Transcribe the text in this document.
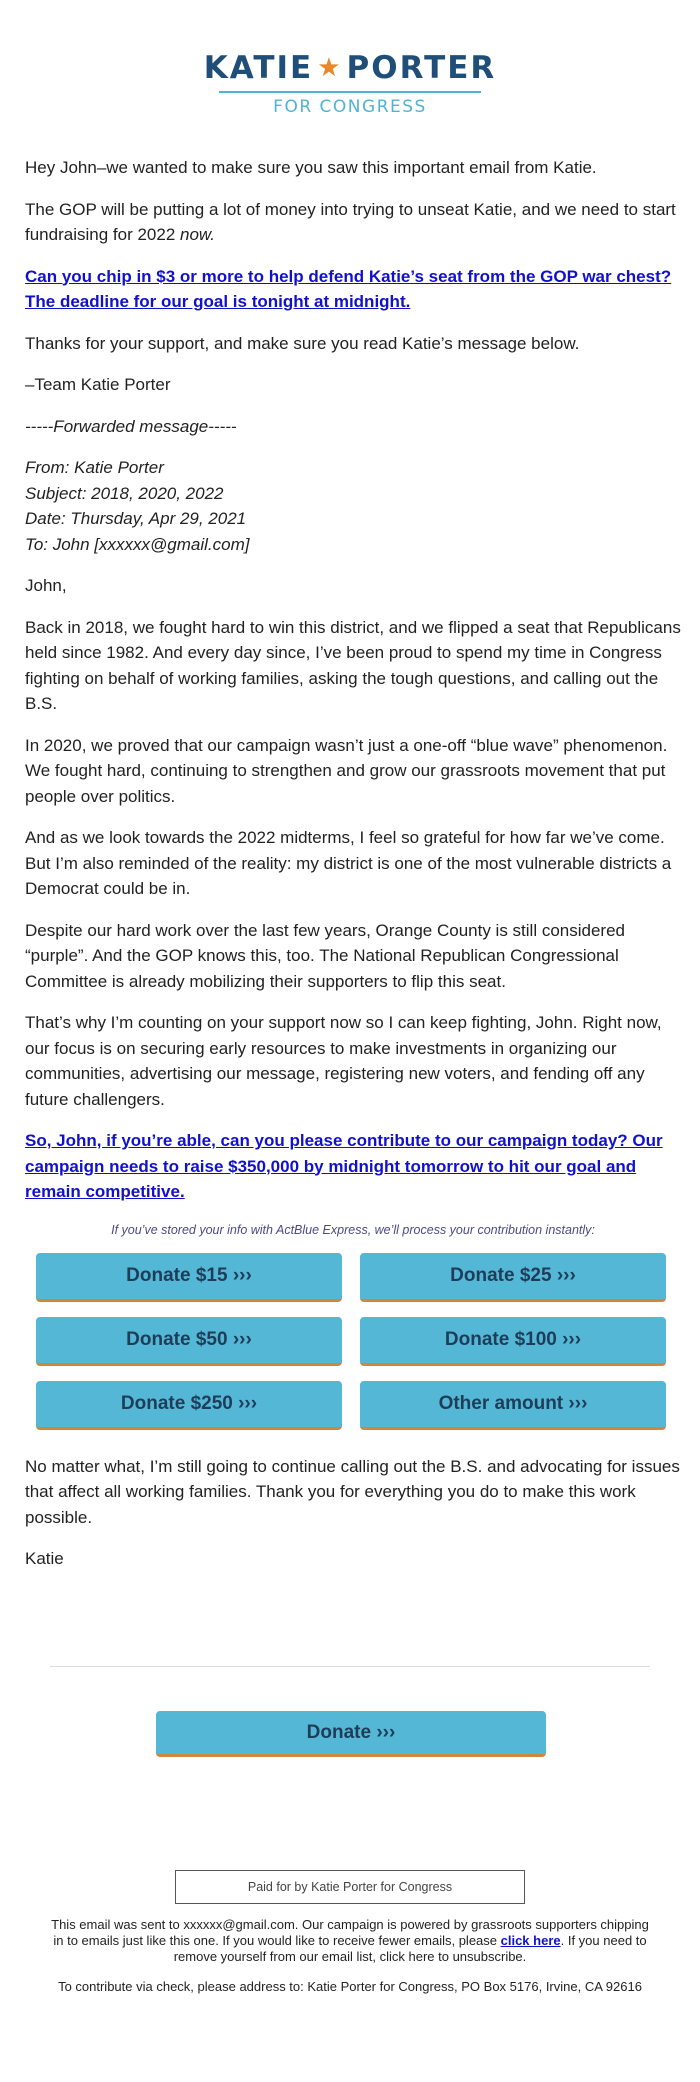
KATIE ★ PORTER
FOR CONGRESS

Hey John–we wanted to make sure you saw this important email from Katie.

The GOP will be putting a lot of money into trying to unseat Katie, and we need to start fundraising for 2022 now.

Can you chip in $3 or more to help defend Katie’s seat from the GOP war chest? The deadline for our goal is tonight at midnight.

Thanks for your support, and make sure you read Katie’s message below.

–Team Katie Porter

-----Forwarded message-----

From: Katie Porter
Subject: 2018, 2020, 2022
Date: Thursday, Apr 29, 2021
To: John [xxxxxx@gmail.com]

John,

Back in 2018, we fought hard to win this district, and we flipped a seat that Republicans held since 1982. And every day since, I’ve been proud to spend my time in Congress fighting on behalf of working families, asking the tough questions, and calling out the B.S.

In 2020, we proved that our campaign wasn’t just a one-off “blue wave” phenomenon. We fought hard, continuing to strengthen and grow our grassroots movement that put people over politics.

And as we look towards the 2022 midterms, I feel so grateful for how far we’ve come. But I’m also reminded of the reality: my district is one of the most vulnerable districts a Democrat could be in.

Despite our hard work over the last few years, Orange County is still considered “purple”. And the GOP knows this, too. The National Republican Congressional Committee is already mobilizing their supporters to flip this seat.

That’s why I’m counting on your support now so I can keep fighting, John. Right now, our focus is on securing early resources to make investments in organizing our communities, advertising our message, registering new voters, and fending off any future challengers.

So, John, if you’re able, can you please contribute to our campaign today? Our campaign needs to raise $350,000 by midnight tomorrow to hit our goal and remain competitive.

If you’ve stored your info with ActBlue Express, we’ll process your contribution instantly:

Donate $15 ›››	Donate $25 ›››
Donate $50 ›››	Donate $100 ›››
Donate $250 ›››	Other amount ›››

No matter what, I’m still going to continue calling out the B.S. and advocating for issues that affect all working families. Thank you for everything you do to make this work possible.

Katie

Donate ›››
Paid for by Katie Porter for Congress

This email was sent to xxxxxx@gmail.com. Our campaign is powered by grassroots supporters chipping in to emails just like this one. If you would like to receive fewer emails, please click here. If you need to remove yourself from our email list, click here to unsubscribe.

To contribute via check, please address to: Katie Porter for Congress, PO Box 5176, Irvine, CA 92616
